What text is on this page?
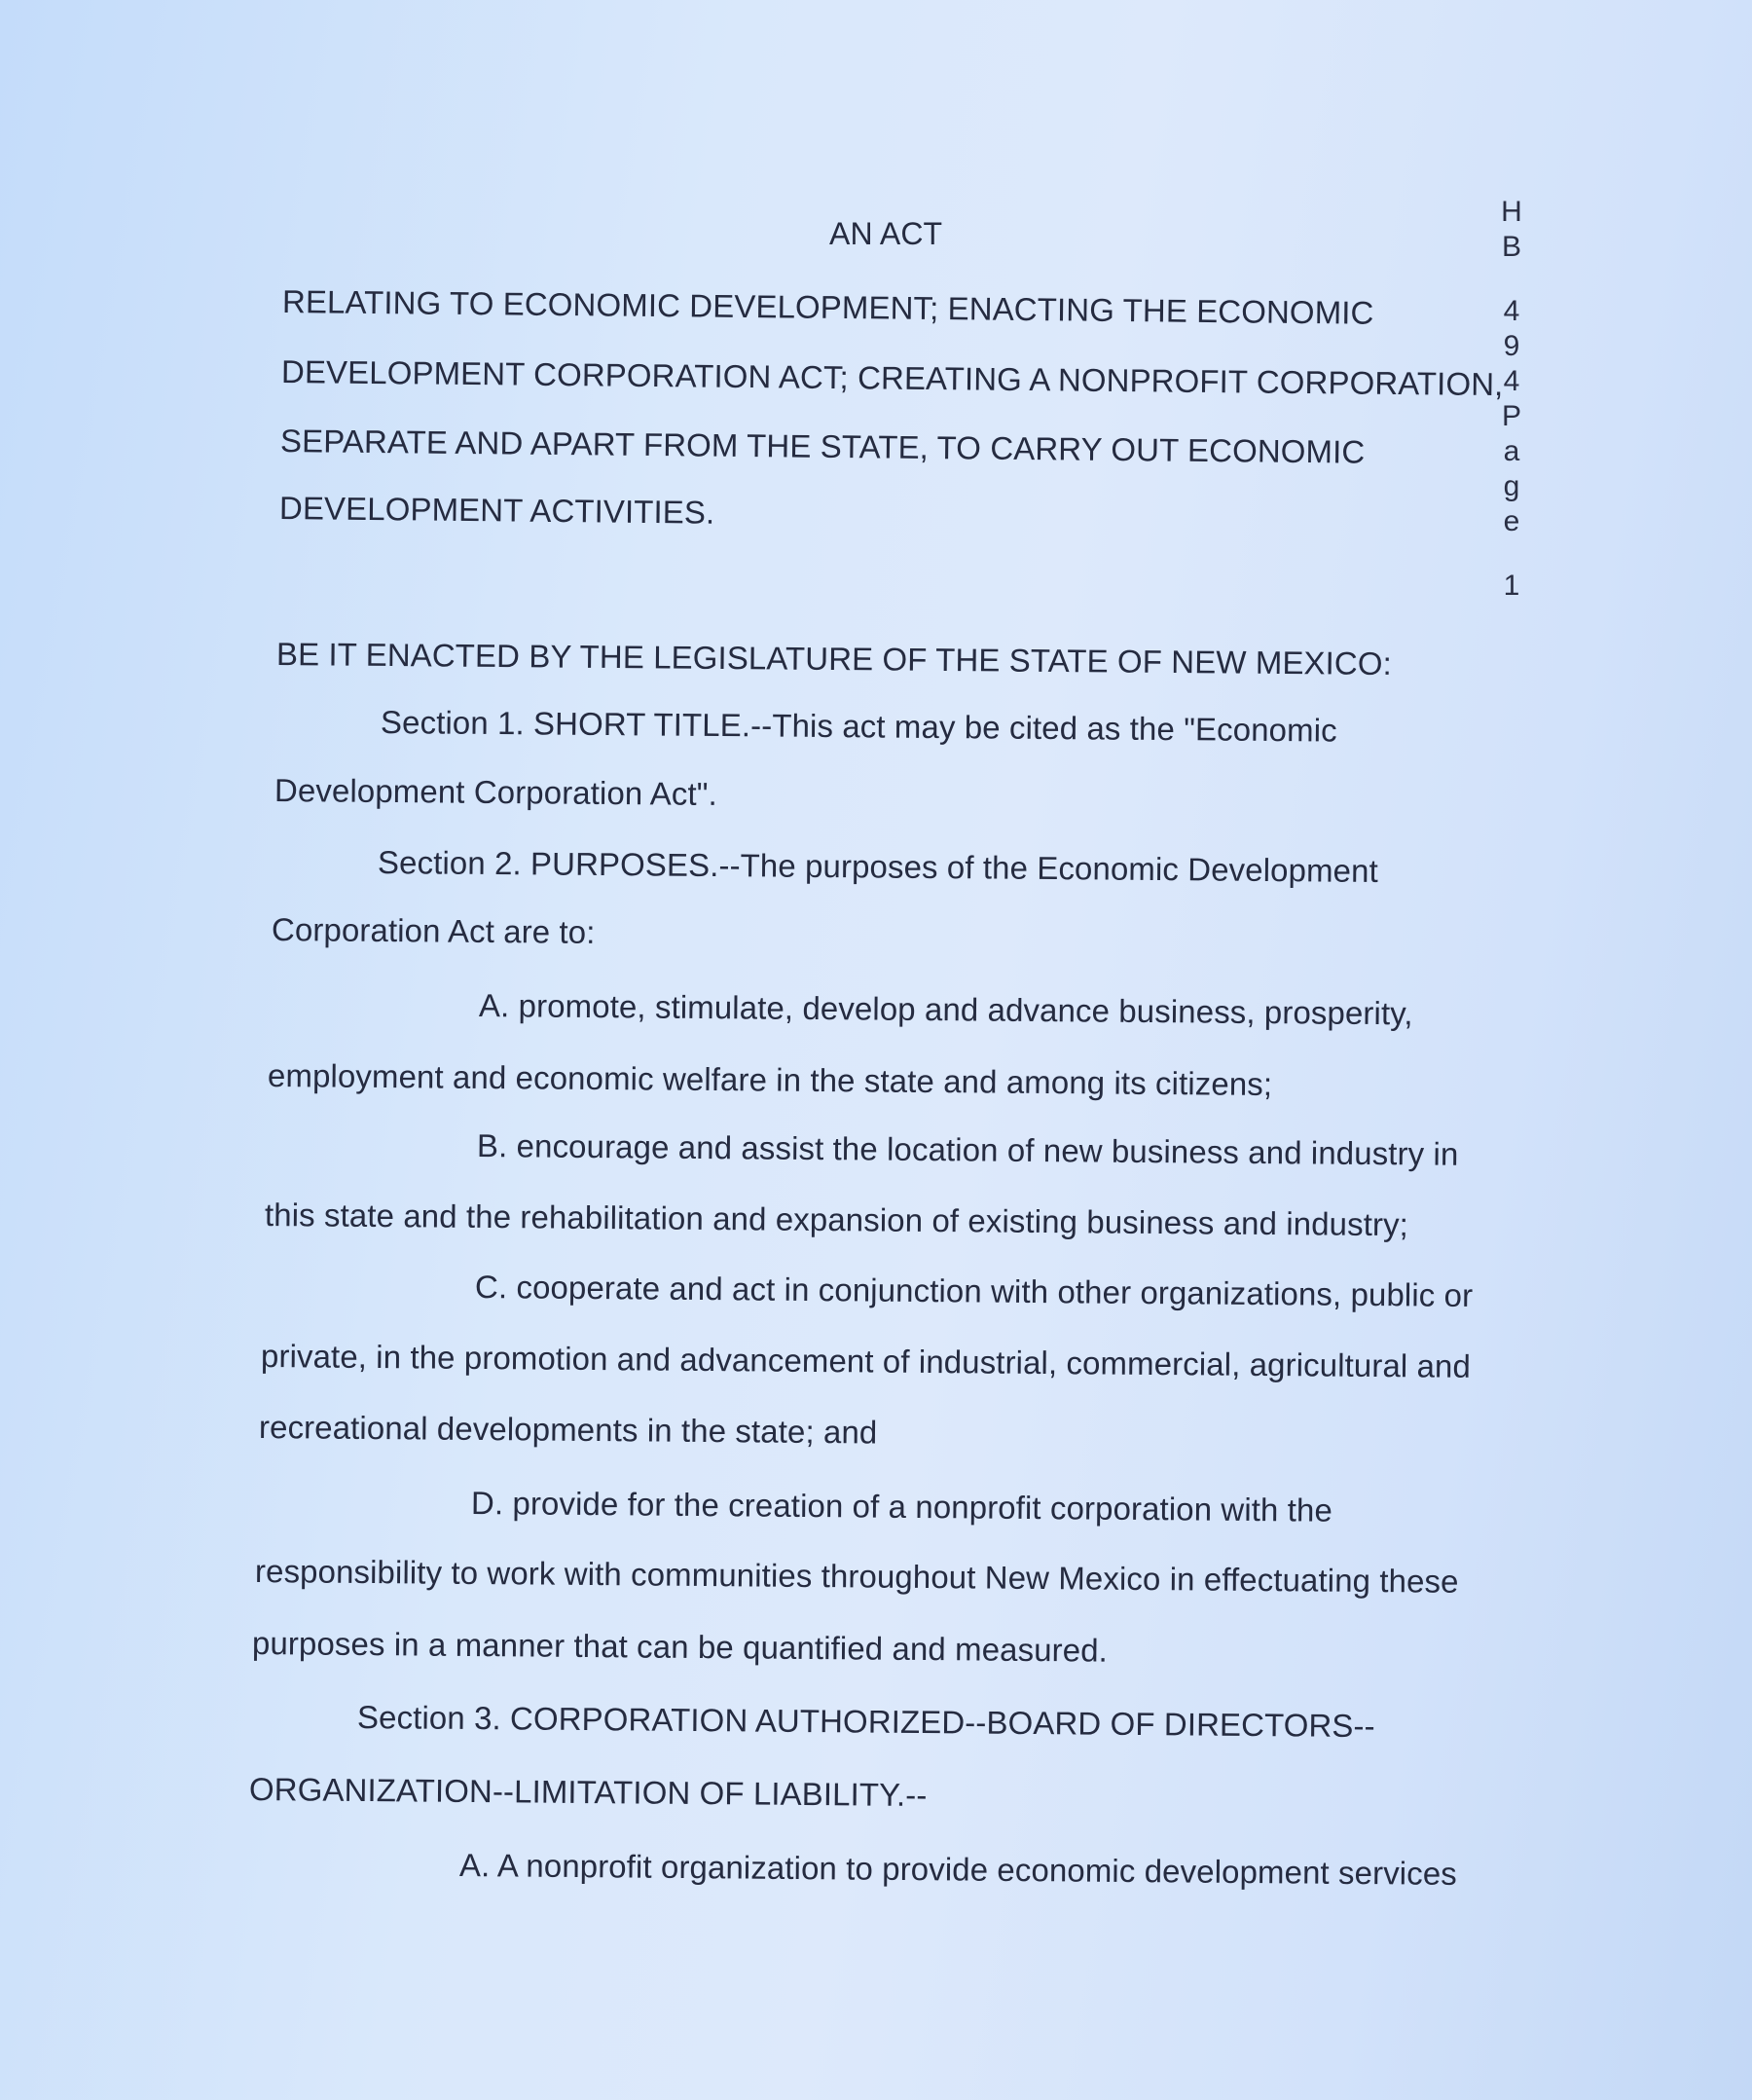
AN ACT
RELATING TO ECONOMIC DEVELOPMENT; ENACTING THE ECONOMIC
DEVELOPMENT CORPORATION ACT; CREATING A NONPROFIT CORPORATION,
SEPARATE AND APART FROM THE STATE, TO CARRY OUT ECONOMIC
DEVELOPMENT ACTIVITIES.
BE IT ENACTED BY THE LEGISLATURE OF THE STATE OF NEW MEXICO:
Section 1. SHORT TITLE.--This act may be cited as the "Economic
Development Corporation Act".
Section 2. PURPOSES.--The purposes of the Economic Development
Corporation Act are to:
A. promote, stimulate, develop and advance business, prosperity,
employment and economic welfare in the state and among its citizens;
B. encourage and assist the location of new business and industry in
this state and the rehabilitation and expansion of existing business and industry;
C. cooperate and act in conjunction with other organizations, public or
private, in the promotion and advancement of industrial, commercial, agricultural and
recreational developments in the state; and
D. provide for the creation of a nonprofit corporation with the
responsibility to work with communities throughout New Mexico in effectuating these
purposes in a manner that can be quantified and measured.
Section 3. CORPORATION AUTHORIZED--BOARD OF DIRECTORS--
ORGANIZATION--LIMITATION OF LIABILITY.--
A. A nonprofit organization to provide economic development services
H
B
4
9
4
P
a
g
e
1
